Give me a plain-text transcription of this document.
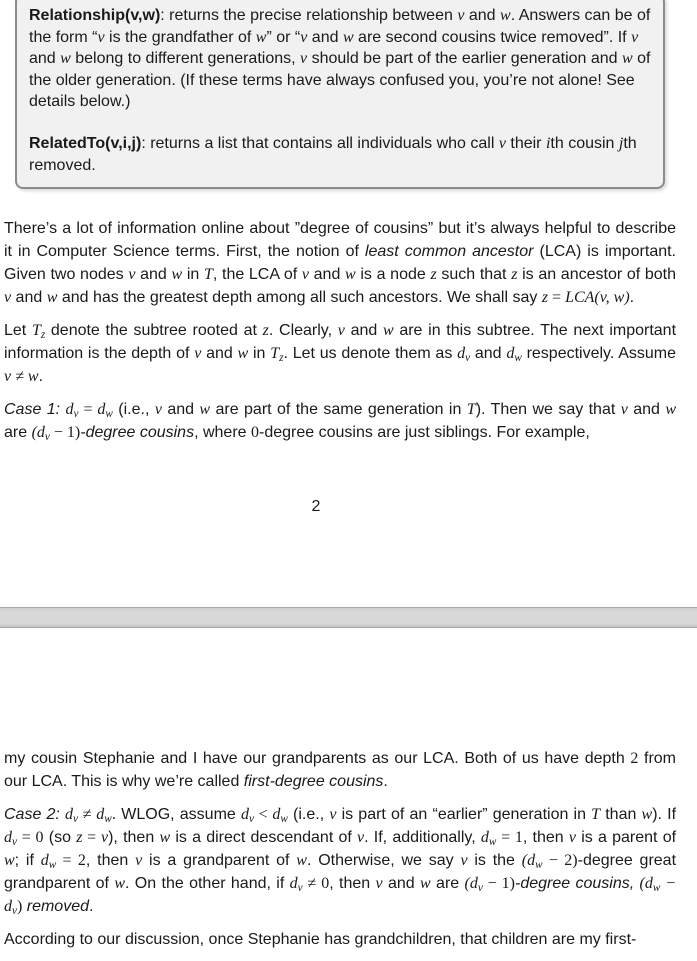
Relationship(v,w): returns the precise relationship between v and w. Answers can be of the form “v is the grandfather of w” or “v and w are second cousins twice removed”. If v and w belong to different generations, v should be part of the earlier generation and w of the older generation. (If these terms have always confused you, you’re not alone! See details below.)

RelatedTo(v,i,j): returns a list that contains all individuals who call v their ith cousin jth removed.

There’s a lot of information online about ”degree of cousins” but it’s always helpful to describe it in Computer Science terms. First, the notion of least common ancestor (LCA) is important. Given two nodes v and w in T, the LCA of v and w is a node z such that z is an ancestor of both v and w and has the greatest depth among all such ancestors. We shall say z = LCA(v, w).

Let $T_z$ denote the subtree rooted at z. Clearly, v and w are in this subtree. The next important information is the depth of v and w in $T_z$. Let us denote them as $d_v$ and $d_w$ respectively. Assume v ≠ w.

Case 1: $d_v = d_w$ (i.e., v and w are part of the same generation in T). Then we say that v and w are ($d_v$ − 1)-degree cousins, where 0-degree cousins are just siblings. For example,

2

my cousin Stephanie and I have our grandparents as our LCA. Both of us have depth 2 from our LCA. This is why we’re called first-degree cousins.

Case 2: $d_v \ne d_w$. WLOG, assume $d_v < d_w$ (i.e., v is part of an “earlier” generation in T than w). If $d_v = 0$ (so z = v), then w is a direct descendant of v. If, additionally, $d_w = 1$, then v is a parent of w; if $d_w = 2$, then v is a grandparent of w. Otherwise, we say v is the ($d_w$ − 2)-degree great grandparent of w. On the other hand, if $d_v \ne 0$, then v and w are ($d_v$ − 1)-degree cousins, $(d_w - d_v)$ removed.

According to our discussion, once Stephanie has grandchildren, that children are my first-
